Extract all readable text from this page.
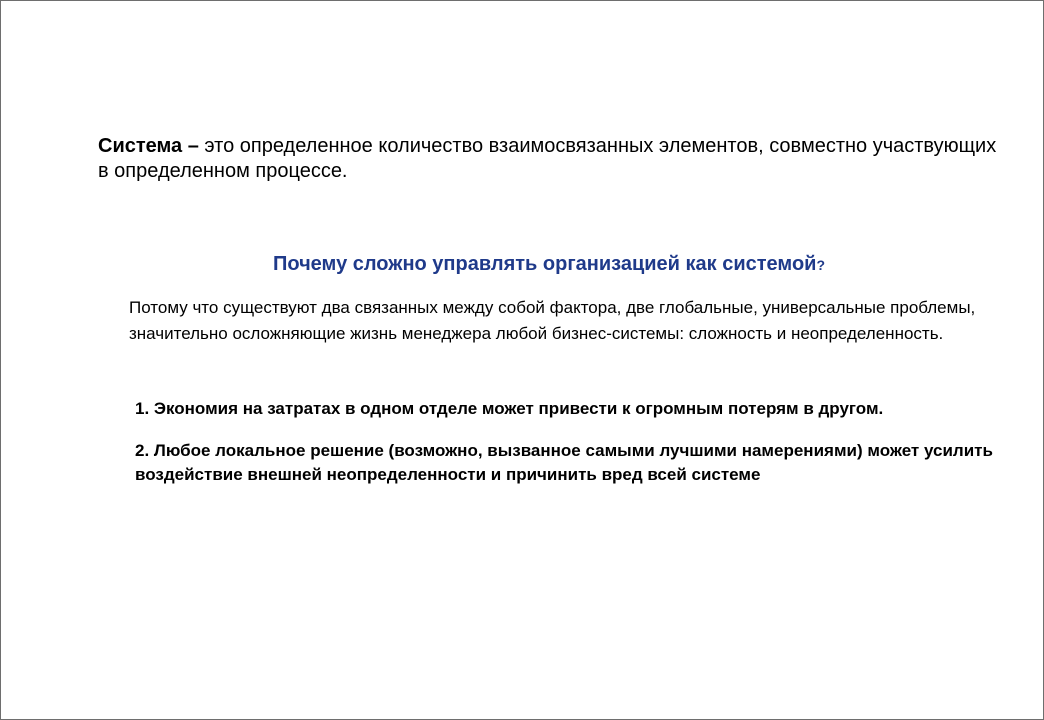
Система – это определенное количество взаимосвязанных элементов, совместно участвующих в определенном процессе.

Почему сложно управлять организацией как системой?

Потому что существуют два связанных между собой фактора, две глобальные, универсальные проблемы, значительно осложняющие жизнь менеджера любой бизнес-системы: сложность и неопределенность.

1. Экономия на затратах в одном отделе может привести к огромным потерям в другом.

2. Любое локальное решение (возможно, вызванное самыми лучшими намерениями) может усилить воздействие внешней неопределенности и причинить вред всей системе
